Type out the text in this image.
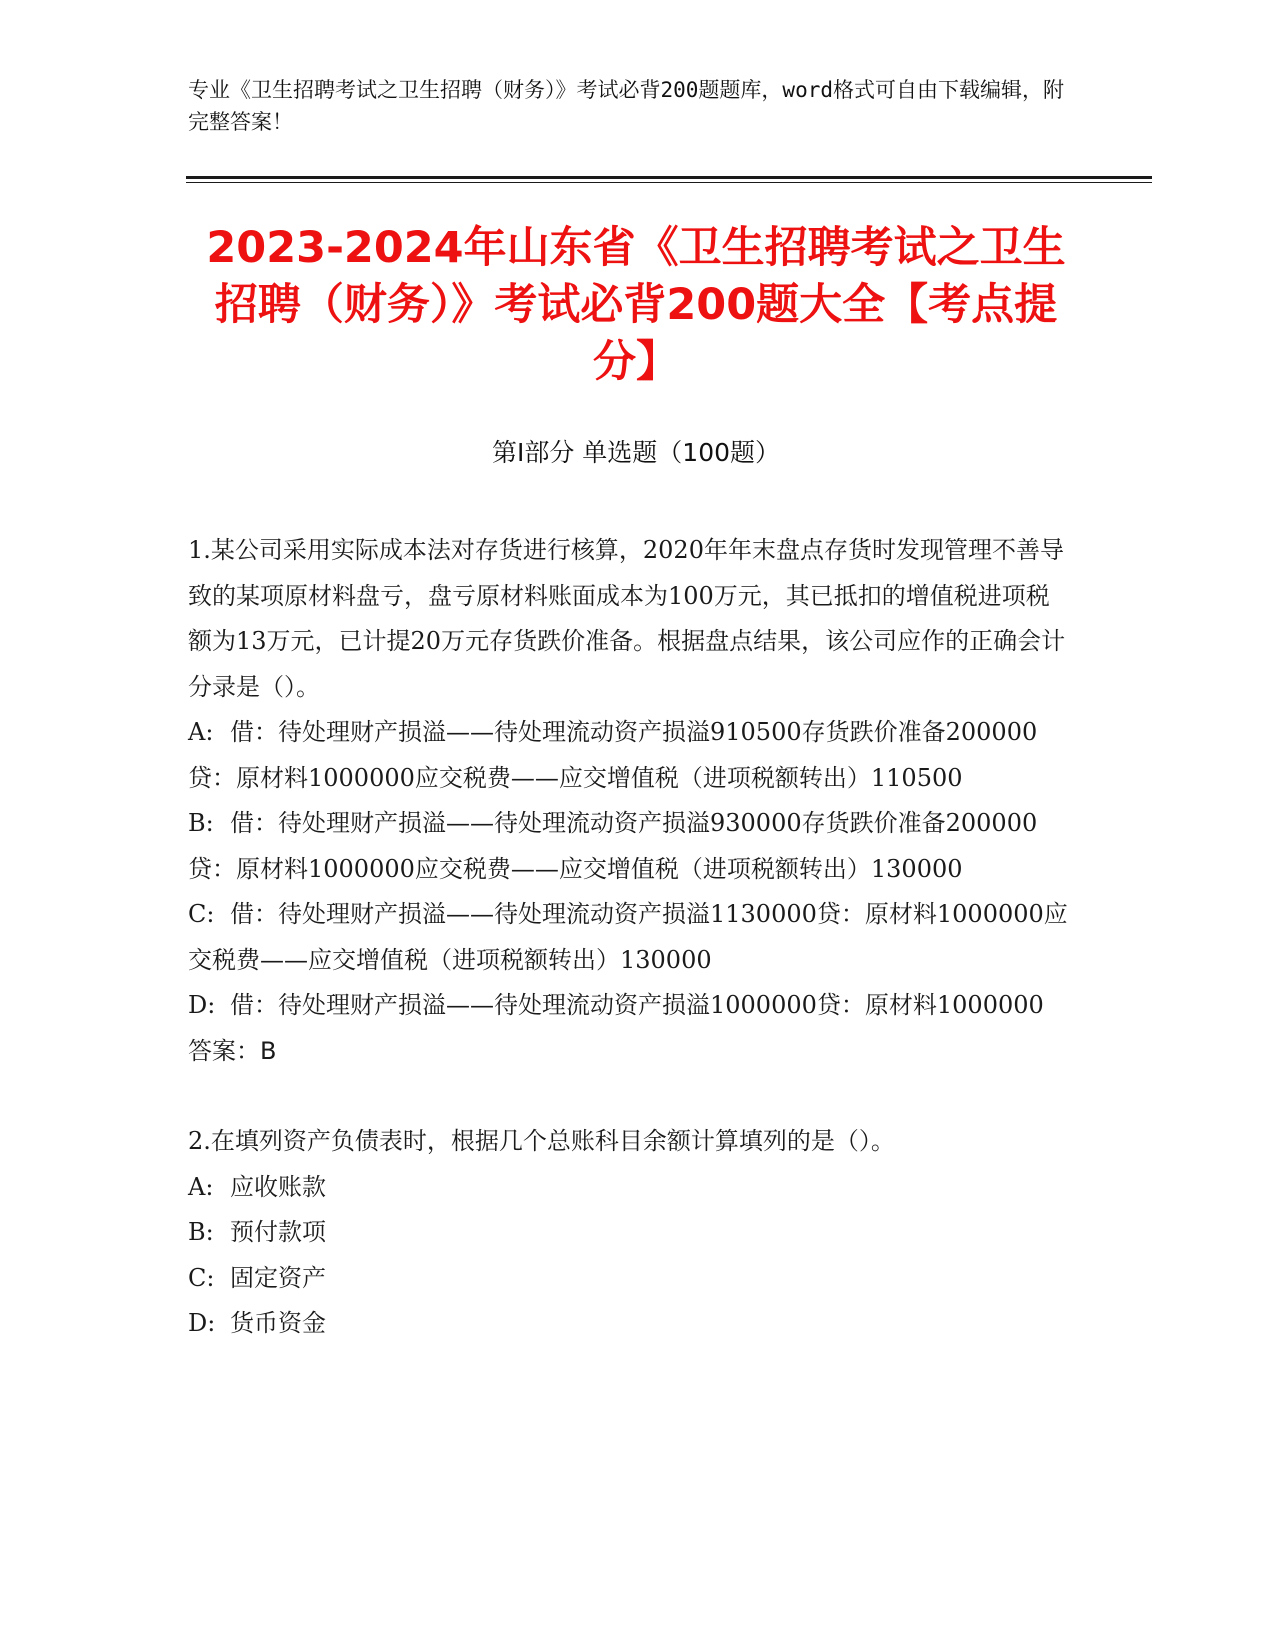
专业《卫生招聘考试之卫生招聘（财务）》考试必背200题题库，word格式可自由下载编辑，附完整答案！
2023-2024年山东省《卫生招聘考试之卫生招聘（财务）》考试必背200题大全【考点提分】
第I部分 单选题（100题）

1.某公司采用实际成本法对存货进行核算，2020年年末盘点存货时发现管理不善导致的某项原材料盘亏，盘亏原材料账面成本为100万元，其已抵扣的增值税进项税额为13万元，已计提20万元存货跌价准备。根据盘点结果，该公司应作的正确会计分录是（）。

A: 借：待处理财产损溢——待处理流动资产损溢910500存货跌价准备200000贷：原材料1000000应交税费——应交增值税（进项税额转出）110500

B: 借：待处理财产损溢——待处理流动资产损溢930000存货跌价准备200000贷：原材料1000000应交税费——应交增值税（进项税额转出）130000

C: 借：待处理财产损溢——待处理流动资产损溢1130000贷：原材料1000000应交税费——应交增值税（进项税额转出）130000

D: 借：待处理财产损溢——待处理流动资产损溢1000000贷：原材料1000000

答案：B

2.在填列资产负债表时，根据几个总账科目余额计算填列的是（）。

A: 应收账款

B: 预付款项

C: 固定资产

D: 货币资金
